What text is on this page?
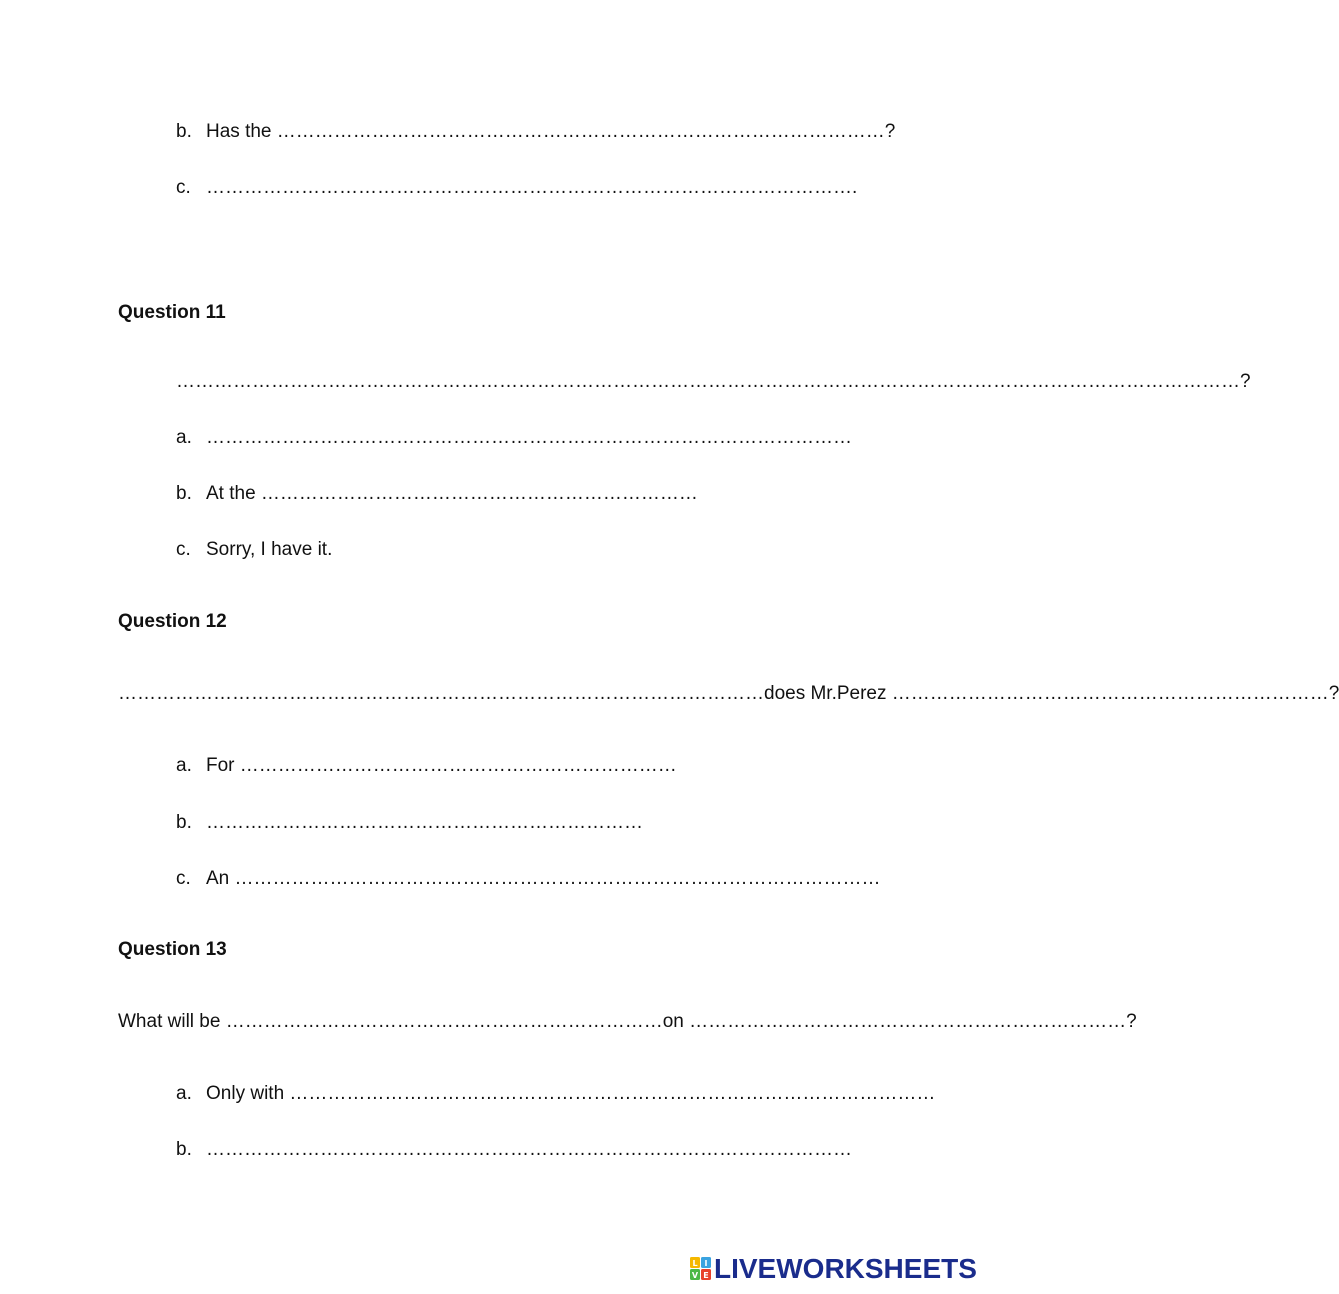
b. Has the ……………………………………………………………………………………?
c. ………………………………………………………………………………………….
Question 11
……………………………………………………………………………………………………………………………………………………?
a. …………………………………………………………………………………………
b. At the ……………………………………………………………
c. Sorry, I have it.
Question 12
…………………………………………………………………………………………does Mr.Perez ……………………………………………………………?
a. For ……………………………………………………………
b. ……………………………………………………………
c. An …………………………………………………………………………………………
Question 13
What will be ……………………………………………………………on ……………………………………………………………?
a. Only with …………………………………………………………………………………………
b. …………………………………………………………………………………………
L I
V E LIVEWORKSHEETS
